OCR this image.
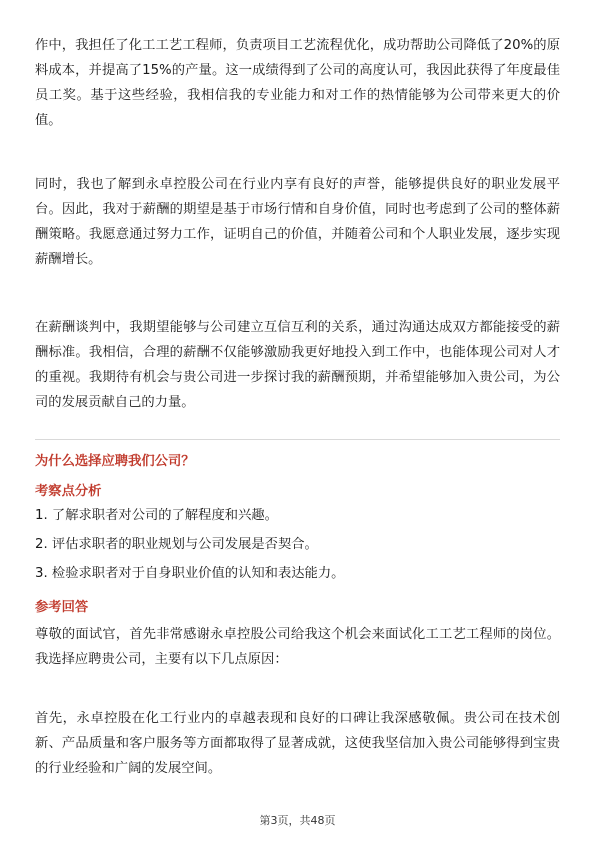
作中，我担任了化工工艺工程师，负责项目工艺流程优化，成功帮助公司降低了20%的原料成本，并提高了15%的产量。这一成绩得到了公司的高度认可，我因此获得了年度最佳员工奖。基于这些经验，我相信我的专业能力和对工作的热情能够为公司带来更大的价值。

同时，我也了解到永卓控股公司在行业内享有良好的声誉，能够提供良好的职业发展平台。因此，我对于薪酬的期望是基于市场行情和自身价值，同时也考虑到了公司的整体薪酬策略。我愿意通过努力工作，证明自己的价值，并随着公司和个人职业发展，逐步实现薪酬增长。

在薪酬谈判中，我期望能够与公司建立互信互利的关系，通过沟通达成双方都能接受的薪酬标准。我相信，合理的薪酬不仅能够激励我更好地投入到工作中，也能体现公司对人才的重视。我期待有机会与贵公司进一步探讨我的薪酬预期，并希望能够加入贵公司，为公司的发展贡献自己的力量。

为什么选择应聘我们公司？
考察点分析
1. 了解求职者对公司的了解程度和兴趣。
2. 评估求职者的职业规划与公司发展是否契合。
3. 检验求职者对于自身职业价值的认知和表达能力。
参考回答

尊敬的面试官，首先非常感谢永卓控股公司给我这个机会来面试化工工艺工程师的岗位。我选择应聘贵公司，主要有以下几点原因：

首先，永卓控股在化工行业内的卓越表现和良好的口碑让我深感敬佩。贵公司在技术创新、产品质量和客户服务等方面都取得了显著成就，这使我坚信加入贵公司能够得到宝贵的行业经验和广阔的发展空间。

第3页，共48页
